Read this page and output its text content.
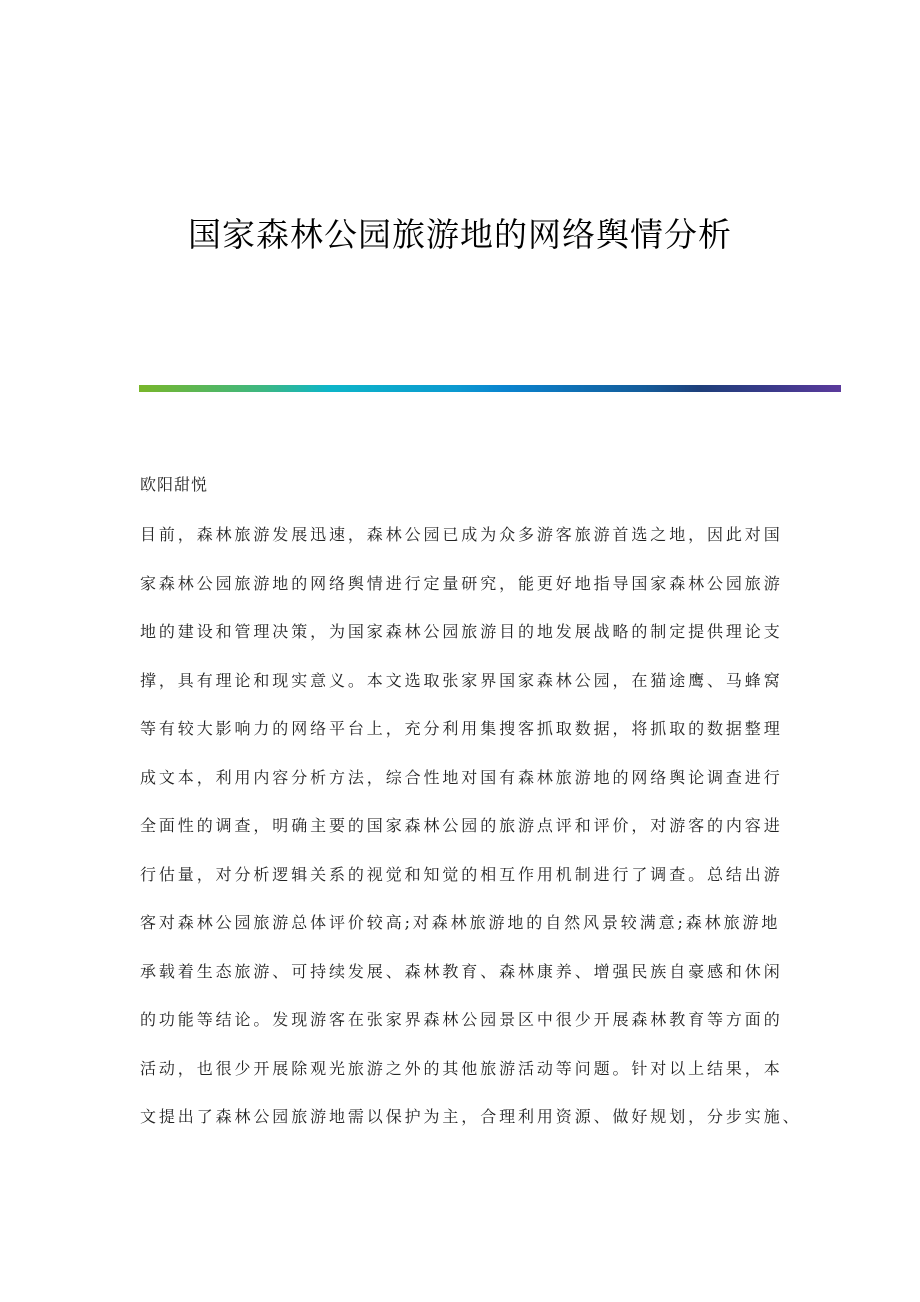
国家森林公园旅游地的网络舆情分析
欧阳甜悦
目前，森林旅游发展迅速，森林公园已成为众多游客旅游首选之地，因此对国
家森林公园旅游地的网络舆情进行定量研究，能更好地指导国家森林公园旅游
地的建设和管理决策，为国家森林公园旅游目的地发展战略的制定提供理论支
撑，具有理论和现实意义。本文选取张家界国家森林公园，在猫途鹰、马蜂窝
等有较大影响力的网络平台上，充分利用集搜客抓取数据，将抓取的数据整理
成文本，利用内容分析方法，综合性地对国有森林旅游地的网络舆论调查进行
全面性的调查，明确主要的国家森林公园的旅游点评和评价，对游客的内容进
行估量，对分析逻辑关系的视觉和知觉的相互作用机制进行了调查。总结出游
客对森林公园旅游总体评价较高;对森林旅游地的自然风景较满意;森林旅游地
承载着生态旅游、可持续发展、森林教育、森林康养、增强民族自豪感和休闲
的功能等结论。发现游客在张家界森林公园景区中很少开展森林教育等方面的
活动，也很少开展除观光旅游之外的其他旅游活动等问题。针对以上结果，本
文提出了森林公园旅游地需以保护为主，合理利用资源、做好规划，分步实施、
